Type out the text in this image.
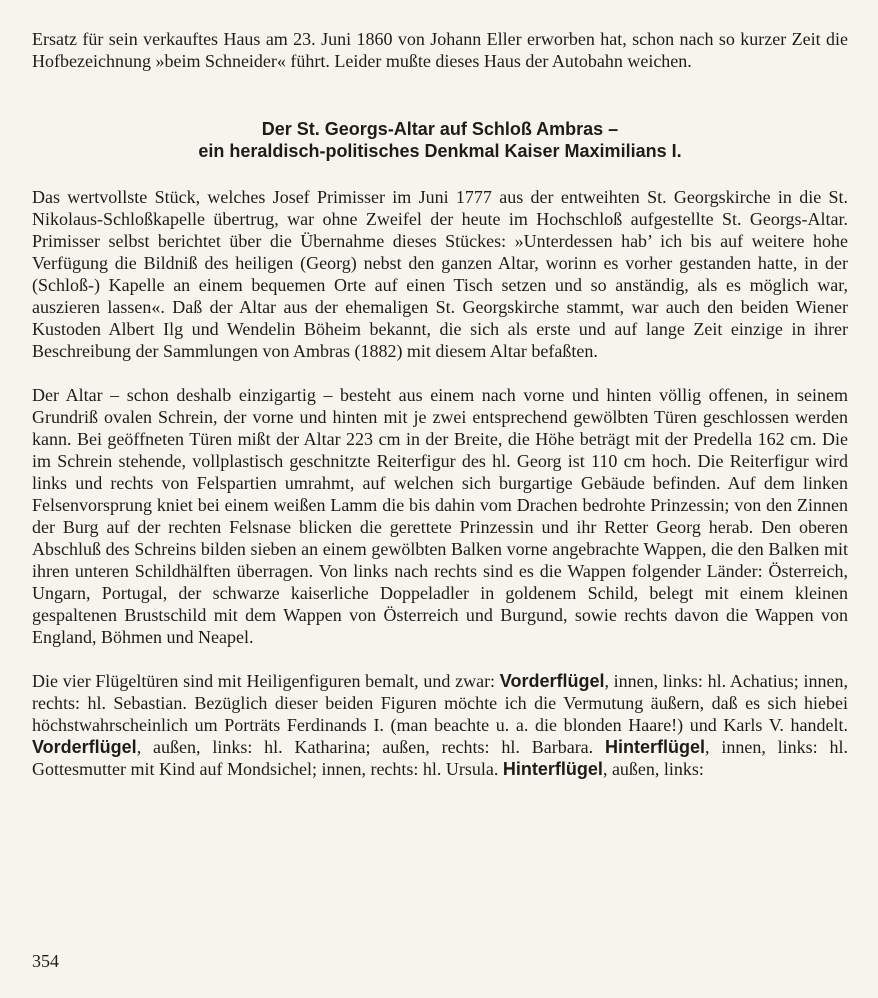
Ersatz für sein verkauftes Haus am 23. Juni 1860 von Johann Eller erworben hat, schon nach so kurzer Zeit die Hofbezeichnung »beim Schneider« führt. Leider mußte dieses Haus der Autobahn weichen.

Der St. Georgs-Altar auf Schloß Ambras –
ein heraldisch-politisches Denkmal Kaiser Maximilians I.

Das wertvollste Stück, welches Josef Primisser im Juni 1777 aus der entweihten St. Georgskirche in die St. Nikolaus-Schloßkapelle übertrug, war ohne Zweifel der heute im Hochschloß aufgestellte St. Georgs-Altar. Primisser selbst berichtet über die Übernahme dieses Stückes: »Unterdessen hab’ ich bis auf weitere hohe Verfügung die Bildniß des heiligen (Georg) nebst den ganzen Altar, worinn es vorher gestanden hatte, in der (Schloß-) Kapelle an einem bequemen Orte auf einen Tisch setzen und so anständig, als es möglich war, auszieren lassen«. Daß der Altar aus der ehemaligen St. Georgskirche stammt, war auch den beiden Wiener Kustoden Albert Ilg und Wendelin Böheim bekannt, die sich als erste und auf lange Zeit einzige in ihrer Beschreibung der Sammlungen von Ambras (1882) mit diesem Altar befaßten.

Der Altar – schon deshalb einzigartig – besteht aus einem nach vorne und hinten völlig offenen, in seinem Grundriß ovalen Schrein, der vorne und hinten mit je zwei entsprechend gewölbten Türen geschlossen werden kann. Bei geöffneten Türen mißt der Altar 223 cm in der Breite, die Höhe beträgt mit der Predella 162 cm. Die im Schrein stehende, vollplastisch geschnitzte Reiterfigur des hl. Georg ist 110 cm hoch. Die Reiterfigur wird links und rechts von Felspartien umrahmt, auf welchen sich burgartige Gebäude befinden. Auf dem linken Felsenvorsprung kniet bei einem weißen Lamm die bis dahin vom Drachen bedrohte Prinzessin; von den Zinnen der Burg auf der rechten Felsnase blicken die gerettete Prinzessin und ihr Retter Georg herab. Den oberen Abschluß des Schreins bilden sieben an einem gewölbten Balken vorne angebrachte Wappen, die den Balken mit ihren unteren Schildhälften überragen. Von links nach rechts sind es die Wappen folgender Länder: Österreich, Ungarn, Portugal, der schwarze kaiserliche Doppeladler in goldenem Schild, belegt mit einem kleinen gespaltenen Brustschild mit dem Wappen von Österreich und Burgund, sowie rechts davon die Wappen von England, Böhmen und Neapel.

Die vier Flügeltüren sind mit Heiligenfiguren bemalt, und zwar: Vorderflügel, innen, links: hl. Achatius; innen, rechts: hl. Sebastian. Bezüglich dieser beiden Figuren möchte ich die Vermutung äußern, daß es sich hiebei höchstwahrscheinlich um Porträts Ferdinands I. (man beachte u. a. die blonden Haare!) und Karls V. handelt. Vorderflügel, außen, links: hl. Katharina; außen, rechts: hl. Barbara. Hinterflügel, innen, links: hl. Gottesmutter mit Kind auf Mondsichel; innen, rechts: hl. Ursula. Hinterflügel, außen, links:

354
